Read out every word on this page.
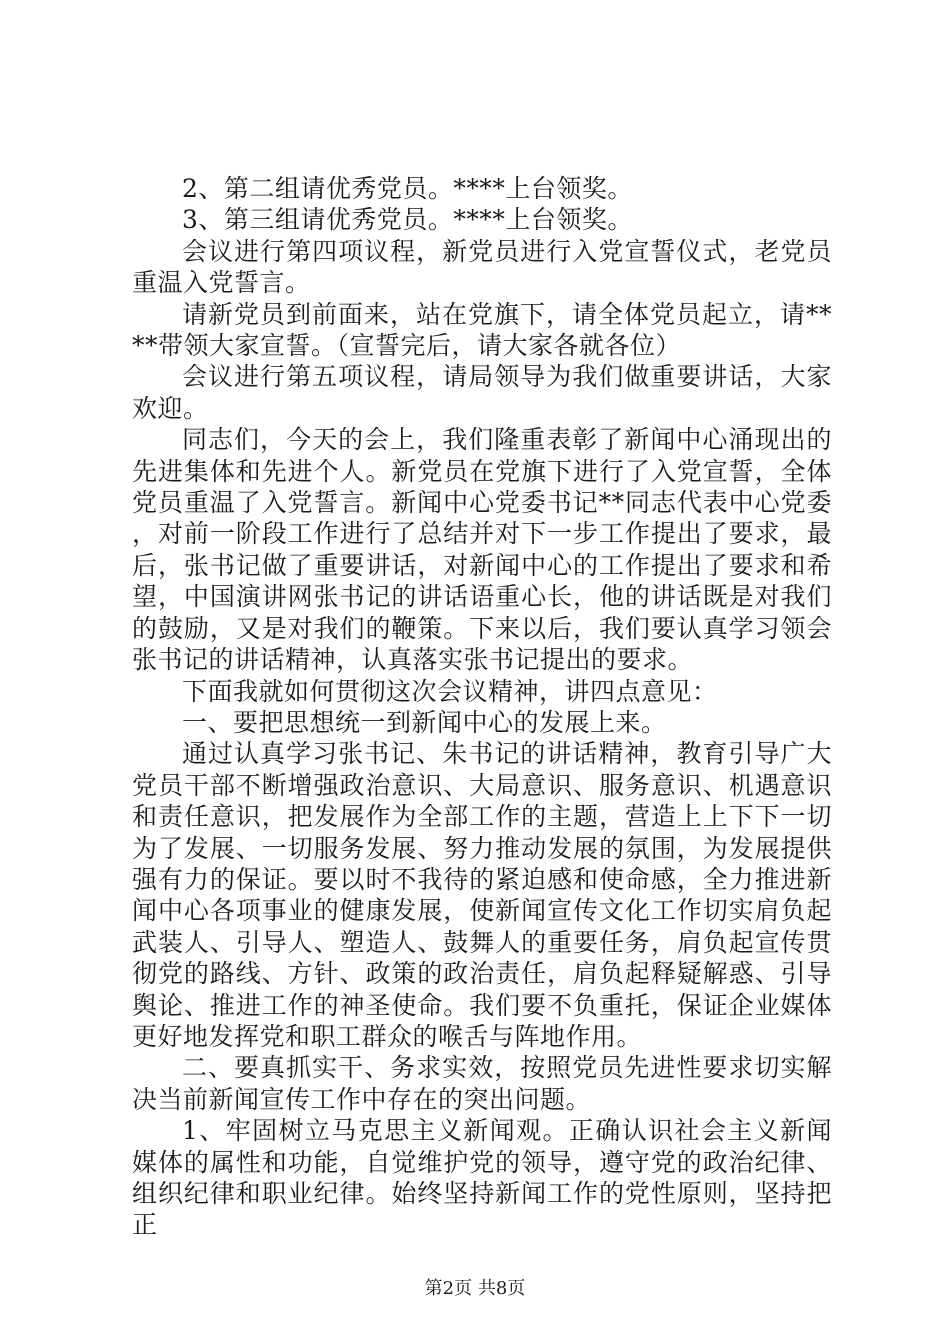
2、第二组请优秀党员。****上台领奖。

3、第三组请优秀党员。****上台领奖。

会议进行第四项议程，新党员进行入党宣誓仪式，老党员重温入党誓言。

请新党员到前面来，站在党旗下，请全体党员起立，请****带领大家宣誓。（宣誓完后，请大家各就各位）

会议进行第五项议程，请局领导为我们做重要讲话，大家欢迎。

同志们，今天的会上，我们隆重表彰了新闻中心涌现出的先进集体和先进个人。新党员在党旗下进行了入党宣誓，全体党员重温了入党誓言。新闻中心党委书记**同志代表中心党委，对前一阶段工作进行了总结并对下一步工作提出了要求，最后，张书记做了重要讲话，对新闻中心的工作提出了要求和希望，中国演讲网张书记的讲话语重心长，他的讲话既是对我们的鼓励，又是对我们的鞭策。下来以后，我们要认真学习领会张书记的讲话精神，认真落实张书记提出的要求。

下面我就如何贯彻这次会议精神，讲四点意见：

一、要把思想统一到新闻中心的发展上来。

通过认真学习张书记、朱书记的讲话精神，教育引导广大党员干部不断增强政治意识、大局意识、服务意识、机遇意识和责任意识，把发展作为全部工作的主题，营造上上下下一切为了发展、一切服务发展、努力推动发展的氛围，为发展提供强有力的保证。要以时不我待的紧迫感和使命感，全力推进新闻中心各项事业的健康发展，使新闻宣传文化工作切实肩负起武装人、引导人、塑造人、鼓舞人的重要任务，肩负起宣传贯彻党的路线、方针、政策的政治责任，肩负起释疑解惑、引导舆论、推进工作的神圣使命。我们要不负重托，保证企业媒体更好地发挥党和职工群众的喉舌与阵地作用。

二、要真抓实干、务求实效，按照党员先进性要求切实解决当前新闻宣传工作中存在的突出问题。

1、牢固树立马克思主义新闻观。正确认识社会主义新闻媒体的属性和功能，自觉维护党的领导，遵守党的政治纪律、组织纪律和职业纪律。始终坚持新闻工作的党性原则，坚持把正

第2页 共8页
